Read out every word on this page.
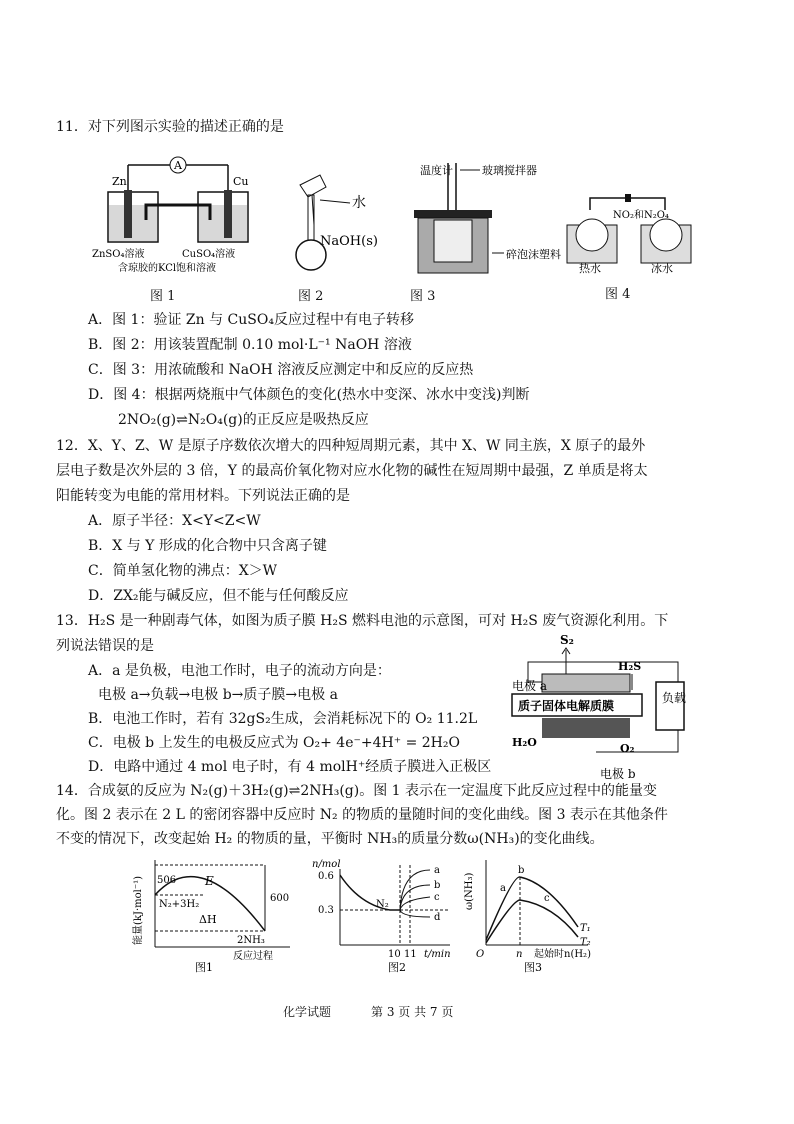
11．对下列图示实验的描述正确的是
A
Zn	Cu
ZnSO₄溶液	CuSO₄溶液
含琼胶的KCl饱和溶液
图 1
水
NaOH(s)
图 2
温度计	玻璃搅拌器
碎泡沫塑料
图 3
NO₂和N₂O₄
热水	冰水
图 4
A．图 1：验证 Zn 与 CuSO₄反应过程中有电子转移
B．图 2：用该装置配制 0.10 mol·L⁻¹ NaOH 溶液
C．图 3：用浓硫酸和 NaOH 溶液反应测定中和反应的反应热
D．图 4：根据两烧瓶中气体颜色的变化(热水中变深、冰水中变浅)判断
2NO₂(g)⇌N₂O₄(g)的正反应是吸热反应
12．X、Y、Z、W 是原子序数依次增大的四种短周期元素，其中 X、W 同主族，X 原子的最外
层电子数是次外层的 3 倍，Y 的最高价氧化物对应水化物的碱性在短周期中最强，Z 单质是将太
阳能转变为电能的常用材料。下列说法正确的是
A．原子半径：X<Y<Z<W
B．X 与 Y 形成的化合物中只含离子键
C．简单氢化物的沸点：X＞W
D．ZX₂能与碱反应，但不能与任何酸反应
13．H₂S 是一种剧毒气体，如图为质子膜 H₂S 燃料电池的示意图，可对 H₂S 废气资源化利用。下
列说法错误的是
A．a 是负极，电池工作时，电子的流动方向是：
电极 a→负载→电极 b→质子膜→电极 a
B．电池工作时，若有 32gS₂生成，会消耗标况下的 O₂ 11.2L
C．电极 b 上发生的电极反应式为 O₂+ 4e⁻+4H⁺ = 2H₂O
D．电路中通过 4 mol 电子时，有 4 molH⁺经质子膜进入正极区
S₂
H₂S
电极 a
质子固体电解质膜
负载
H₂O	O₂
电极 b
14．合成氨的反应为 N₂(g)＋3H₂(g)⇌2NH₃(g)。图 1 表示在一定温度下此反应过程中的能量变
化。图 2 表示在 2 L 的密闭容器中反应时 N₂ 的物质的量随时间的变化曲线。图 3 表示在其他条件
不变的情况下，改变起始 H₂ 的物质的量，平衡时 NH₃的质量分数ω(NH₃)的变化曲线。
能量(kJ·mol⁻¹) 506
600
E
N₂+3H₂
ΔH
2NH₃
反应过程
图1
n/mol
0.6
0.3
N₂
a
b
c
d
10 11 t/min
图2
ω(NH₃)
O
a
b
c
T₁
T₂
n 起始时n(H₂)
图3
化学试题	第 3 页 共 7 页
